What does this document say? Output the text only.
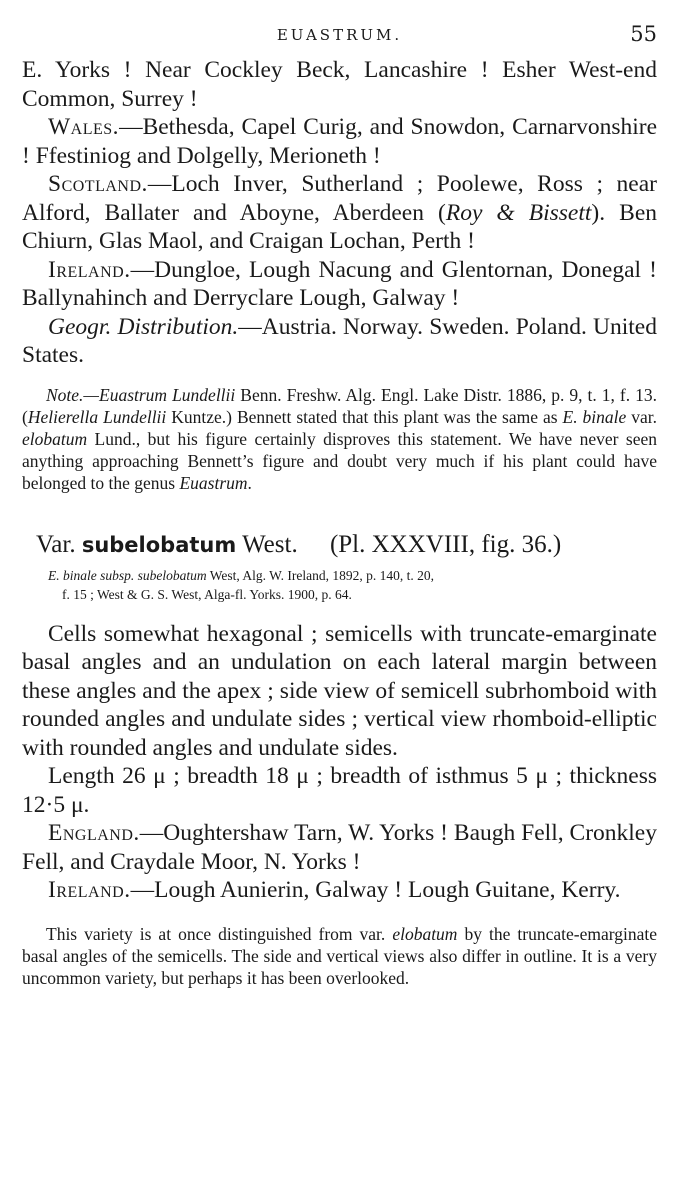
EUASTRUM.	55

E. Yorks ! Near Cockley Beck, Lancashire ! Esher West-end Common, Surrey !

Wales.—Bethesda, Capel Curig, and Snowdon, Carnarvonshire ! Ffestiniog and Dolgelly, Merioneth !

Scotland.—Loch Inver, Sutherland ; Poolewe, Ross ; near Alford, Ballater and Aboyne, Aberdeen (Roy & Bissett). Ben Chiurn, Glas Maol, and Craigan Lochan, Perth !

Ireland.—Dungloe, Lough Nacung and Glentornan, Donegal ! Ballynahinch and Derryclare Lough, Galway !

Geogr. Distribution.—Austria. Norway. Sweden. Poland. United States.

Note.—Euastrum Lundellii Benn. Freshw. Alg. Engl. Lake Distr. 1886, p. 9, t. 1, f. 13. (Helierella Lundellii Kuntze.) Bennett stated that this plant was the same as E. binale var. elobatum Lund., but his figure certainly disproves this statement. We have never seen anything approaching Bennett’s figure and doubt very much if his plant could have belonged to the genus Euastrum.

Var. subelobatum West. (Pl. XXXVIII, fig. 36.)
E. binale subsp. subelobatum West, Alg. W. Ireland, 1892, p. 140, t. 20,
f. 15 ; West & G. S. West, Alga-fl. Yorks. 1900, p. 64.

Cells somewhat hexagonal ; semicells with truncate-emarginate basal angles and an undulation on each lateral margin between these angles and the apex ; side view of semicell subrhomboid with rounded angles and undulate sides ; vertical view rhomboid-elliptic with rounded angles and undulate sides.

Length 26 μ ; breadth 18 μ ; breadth of isthmus 5 μ ; thickness 12·5 μ.

England.—Oughtershaw Tarn, W. Yorks ! Baugh Fell, Cronkley Fell, and Craydale Moor, N. Yorks !

Ireland.—Lough Aunierin, Galway ! Lough Guitane, Kerry.

This variety is at once distinguished from var. elobatum by the truncate-emarginate basal angles of the semicells. The side and vertical views also differ in outline. It is a very uncommon variety, but perhaps it has been overlooked.
